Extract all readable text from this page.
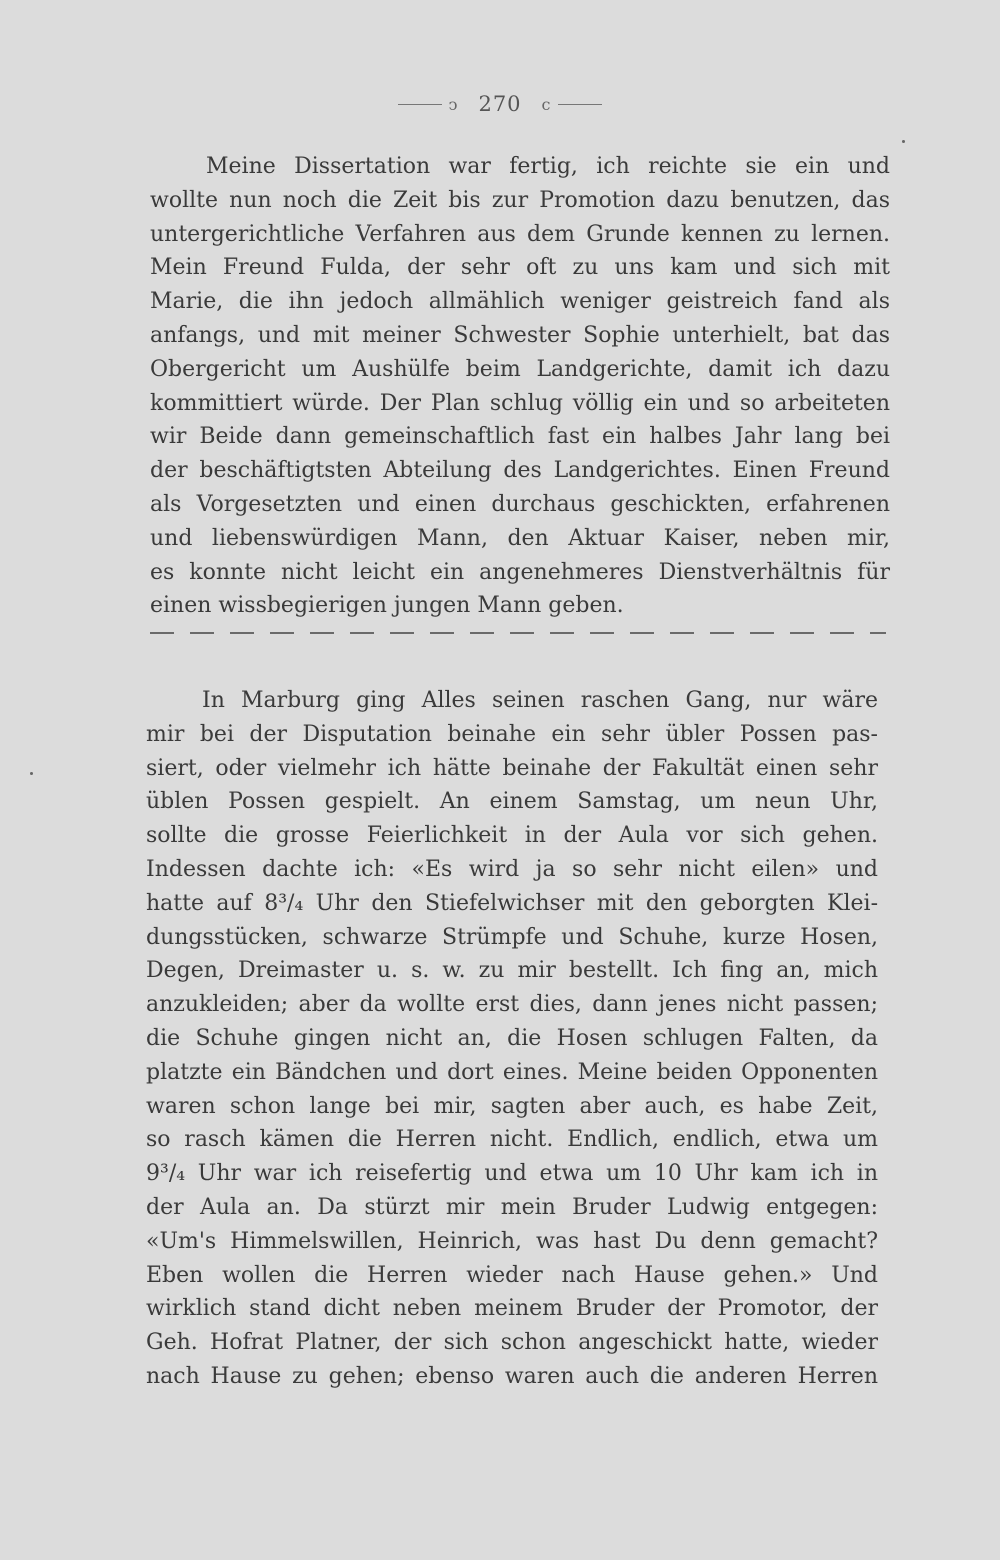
ↄ 270 c
Meine Dissertation war fertig, ich reichte sie ein und
wollte nun noch die Zeit bis zur Promotion dazu benutzen, das
untergerichtliche Verfahren aus dem Grunde kennen zu lernen.
Mein Freund Fulda, der sehr oft zu uns kam und sich mit
Marie, die ihn jedoch allmählich weniger geistreich fand als
anfangs, und mit meiner Schwester Sophie unterhielt, bat das
Obergericht um Aushülfe beim Landgerichte, damit ich dazu
kommittiert würde. Der Plan schlug völlig ein und so arbeiteten
wir Beide dann gemeinschaftlich fast ein halbes Jahr lang bei
der beschäftigtsten Abteilung des Landgerichtes. Einen Freund
als Vorgesetzten und einen durchaus geschickten, erfahrenen
und liebenswürdigen Mann, den Aktuar Kaiser, neben mir,
es konnte nicht leicht ein angenehmeres Dienstverhältnis für
einen wissbegierigen jungen Mann geben.
In Marburg ging Alles seinen raschen Gang, nur wäre
mir bei der Disputation beinahe ein sehr übler Possen pas-
siert, oder vielmehr ich hätte beinahe der Fakultät einen sehr
üblen Possen gespielt. An einem Samstag, um neun Uhr,
sollte die grosse Feierlichkeit in der Aula vor sich gehen.
Indessen dachte ich: «Es wird ja so sehr nicht eilen» und
hatte auf 8³/₄ Uhr den Stiefelwichser mit den geborgten Klei-
dungsstücken, schwarze Strümpfe und Schuhe, kurze Hosen,
Degen, Dreimaster u. s. w. zu mir bestellt. Ich fing an, mich
anzukleiden; aber da wollte erst dies, dann jenes nicht passen;
die Schuhe gingen nicht an, die Hosen schlugen Falten, da
platzte ein Bändchen und dort eines. Meine beiden Opponenten
waren schon lange bei mir, sagten aber auch, es habe Zeit,
so rasch kämen die Herren nicht. Endlich, endlich, etwa um
9³/₄ Uhr war ich reisefertig und etwa um 10 Uhr kam ich in
der Aula an. Da stürzt mir mein Bruder Ludwig entgegen:
«Um's Himmelswillen, Heinrich, was hast Du denn gemacht?
Eben wollen die Herren wieder nach Hause gehen.» Und
wirklich stand dicht neben meinem Bruder der Promotor, der
Geh. Hofrat Platner, der sich schon angeschickt hatte, wieder
nach Hause zu gehen; ebenso waren auch die anderen Herren
